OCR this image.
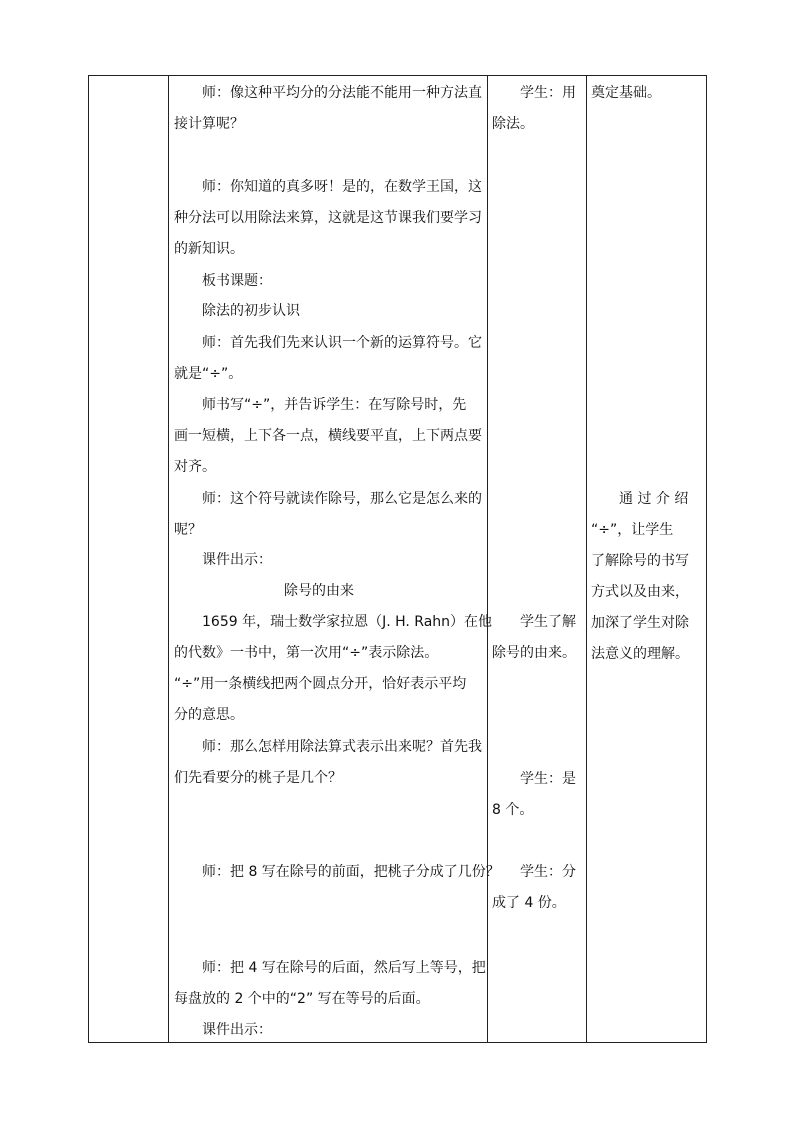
师：像这种平均分的分法能不能用一种方法直
接计算呢？
师：你知道的真多呀！是的，在数学王国，这
种分法可以用除法来算，这就是这节课我们要学习
的新知识。
板书课题：
除法的初步认识
师：首先我们先来认识一个新的运算符号。它
就是“÷”。
师书写“÷”，并告诉学生：在写除号时，先
画一短横，上下各一点，横线要平直，上下两点要
对齐。
师：这个符号就读作除号，那么它是怎么来的
呢？
课件出示：
除号的由来
1659 年，瑞士数学家拉恩（J. H. Rahn）在他
的代数》一书中，第一次用“÷”表示除法。
“÷”用一条横线把两个圆点分开，恰好表示平均
分的意思。
师：那么怎样用除法算式表示出来呢？首先我
们先看要分的桃子是几个？
师：把 8 写在除号的前面，把桃子分成了几份？
师：把 4 写在除号的后面，然后写上等号，把
每盘放的 2 个中的“2” 写在等号的后面。
课件出示：
学生：用
除法。
学生了解
除号的由来。
学生：是
8 个。
学生：分
成了 4 份。
奠定基础。
通 过 介 绍
“÷”，让学生
了解除号的书写
方式以及由来，
加深了学生对除
法意义的理解。
